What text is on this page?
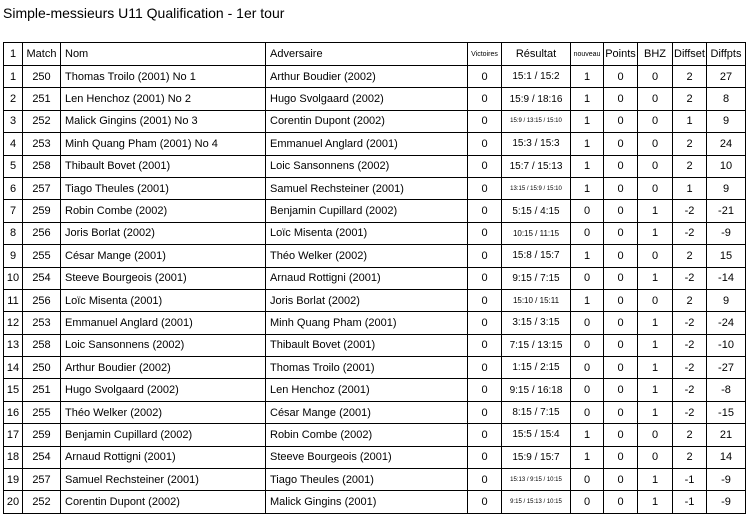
Simple-messieurs U11 Qualification - 1er tour
1	Match	Nom	Adversaire	Victoires	Résultat	nouveau	Points	BHZ	Diffset	Diffpts
1	250	Thomas Troilo (2001) No 1	Arthur Boudier (2002)	0	15:1 / 15:2	1	0	0	2	27
2	251	Len Henchoz (2001) No 2	Hugo Svolgaard (2002)	0	15:9 / 18:16	1	0	0	2	8
3	252	Malick Gingins (2001) No 3	Corentin Dupont (2002)	0	15:9 / 13:15 / 15:10	1	0	0	1	9
4	253	Minh Quang Pham (2001) No 4	Emmanuel Anglard (2001)	0	15:3 / 15:3	1	0	0	2	24
5	258	Thibault Bovet (2001)	Loic Sansonnens (2002)	0	15:7 / 15:13	1	0	0	2	10
6	257	Tiago Theules (2001)	Samuel Rechsteiner (2001)	0	13:15 / 15:9 / 15:10	1	0	0	1	9
7	259	Robin Combe (2002)	Benjamin Cupillard (2002)	0	5:15 / 4:15	0	0	1	-2	-21
8	256	Joris Borlat (2002)	Loïc Misenta (2001)	0	10:15 / 11:15	0	0	1	-2	-9
9	255	César Mange (2001)	Théo Welker (2002)	0	15:8 / 15:7	1	0	0	2	15
10	254	Steeve Bourgeois (2001)	Arnaud Rottigni (2001)	0	9:15 / 7:15	0	0	1	-2	-14
11	256	Loïc Misenta (2001)	Joris Borlat (2002)	0	15:10 / 15:11	1	0	0	2	9
12	253	Emmanuel Anglard (2001)	Minh Quang Pham (2001)	0	3:15 / 3:15	0	0	1	-2	-24
13	258	Loic Sansonnens (2002)	Thibault Bovet (2001)	0	7:15 / 13:15	0	0	1	-2	-10
14	250	Arthur Boudier (2002)	Thomas Troilo (2001)	0	1:15 / 2:15	0	0	1	-2	-27
15	251	Hugo Svolgaard (2002)	Len Henchoz (2001)	0	9:15 / 16:18	0	0	1	-2	-8
16	255	Théo Welker (2002)	César Mange (2001)	0	8:15 / 7:15	0	0	1	-2	-15
17	259	Benjamin Cupillard (2002)	Robin Combe (2002)	0	15:5 / 15:4	1	0	0	2	21
18	254	Arnaud Rottigni (2001)	Steeve Bourgeois (2001)	0	15:9 / 15:7	1	0	0	2	14
19	257	Samuel Rechsteiner (2001)	Tiago Theules (2001)	0	15:13 / 9:15 / 10:15	0	0	1	-1	-9
20	252	Corentin Dupont (2002)	Malick Gingins (2001)	0	9:15 / 15:13 / 10:15	0	0	1	-1	-9
